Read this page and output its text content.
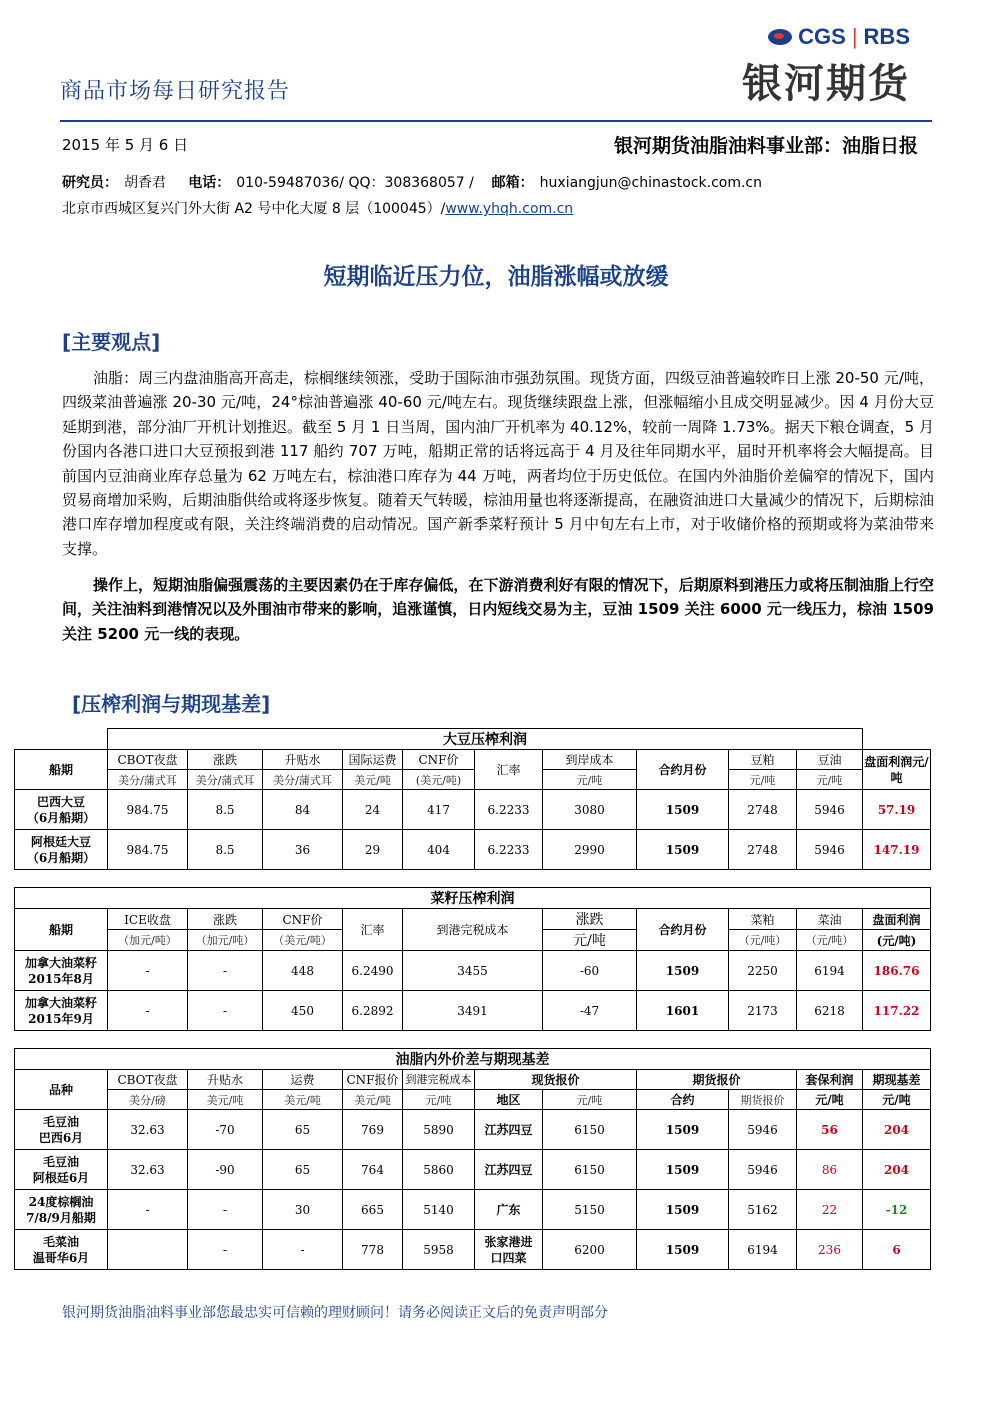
商品市场每日研究报告
CGS | RBS
银河期货
2015 年 5 月 6 日	银河期货油脂油料事业部：油脂日报
研究员： 胡香君 电话： 010-59487036/ QQ：308368057 / 邮箱： huxiangjun@chinastock.com.cn
北京市西城区复兴门外大街 A2 号中化大厦 8 层（100045）/www.yhqh.com.cn
短期临近压力位，油脂涨幅或放缓
[主要观点]
油脂：周三内盘油脂高开高走，棕榈继续领涨，受助于国际油市强劲氛围。现货方面，四级豆油普遍较昨日上涨 20-50 元/吨，四级菜油普遍涨 20-30 元/吨，24°棕油普遍涨 40-60 元/吨左右。现货继续跟盘上涨，但涨幅缩小且成交明显减少。因 4 月份大豆延期到港，部分油厂开机计划推迟。截至 5 月 1 日当周，国内油厂开机率为 40.12%，较前一周降 1.73%。据天下粮仓调查，5 月份国内各港口进口大豆预报到港 117 船约 707 万吨，船期正常的话将远高于 4 月及往年同期水平，届时开机率将会大幅提高。目前国内豆油商业库存总量为 62 万吨左右，棕油港口库存为 44 万吨，两者均位于历史低位。在国内外油脂价差偏窄的情况下，国内贸易商增加采购，后期油脂供给或将逐步恢复。随着天气转暖，棕油用量也将逐渐提高，在融资油进口大量减少的情况下，后期棕油港口库存增加程度或有限，关注终端消费的启动情况。国产新季菜籽预计 5 月中旬左右上市，对于收储价格的预期或将为菜油带来支撑。
操作上，短期油脂偏强震荡的主要因素仍在于库存偏低，在下游消费利好有限的情况下，后期原料到港压力或将压制油脂上行空间，关注油料到港情况以及外围油市带来的影响，追涨谨慎，日内短线交易为主，豆油 1509 关注 6000 元一线压力，棕油 1509 关注 5200 元一线的表现。
[压榨利润与期现基差]
	大豆压榨利润										
船期	CBOT夜盘	涨跌	升贴水	国际运费	CNF价	汇率	到岸成本	合约月份	豆粕	豆油	盘面利润元/吨
	美分/蒲式耳	美分/蒲式耳	美分/蒲式耳	美元/吨	(美元/吨)		元/吨		元/吨	元/吨	
巴西大豆
（6月船期）	984.75	8.5	84	24	417	6.2233	3080	1509	2748	5946	57.19
阿根廷大豆
（6月船期）	984.75	8.5	36	29	404	6.2233	2990	1509	2748	5946	147.19

菜籽压榨利润											
船期	ICE收盘	涨跌	CNF价	汇率	到港完税成本		涨跌	合约月份	菜粕	菜油	盘面利润
	（加元/吨）	（加元/吨）	（美元/吨）				元/吨		（元/吨）	（元/吨）	(元/吨)
加拿大油菜籽
2015年8月	-	-	448	6.2490	3455		-60	1509	2250	6194	186.76
加拿大油菜籽
2015年9月	-	-	450	6.2892	3491		-47	1601	2173	6218	117.22

油脂内外价差与期现基差											
品种	CBOT夜盘	升贴水	运费	CNF报价	到港完税成本	现货报价		期货报价		套保利润	期现基差
	美分/磅	美元/吨	美元/吨	美元/吨	元/吨	地区	元/吨	合约	期货报价	元/吨	元/吨
毛豆油
巴西6月	32.63	-70	65	769	5890	江苏四豆	6150	1509	5946	56	204
毛豆油
阿根廷6月	32.63	-90	65	764	5860	江苏四豆	6150	1509	5946	86	204
24度棕榈油
7/8/9月船期	-	-	30	665	5140	广东	5150	1509	5162	22	-12
毛菜油
温哥华6月		-	-	778	5958	张家港进口四菜	6200	1509	6194	236	6
银河期货油脂油料事业部您最忠实可信赖的理财顾问！请务必阅读正文后的免责声明部分
